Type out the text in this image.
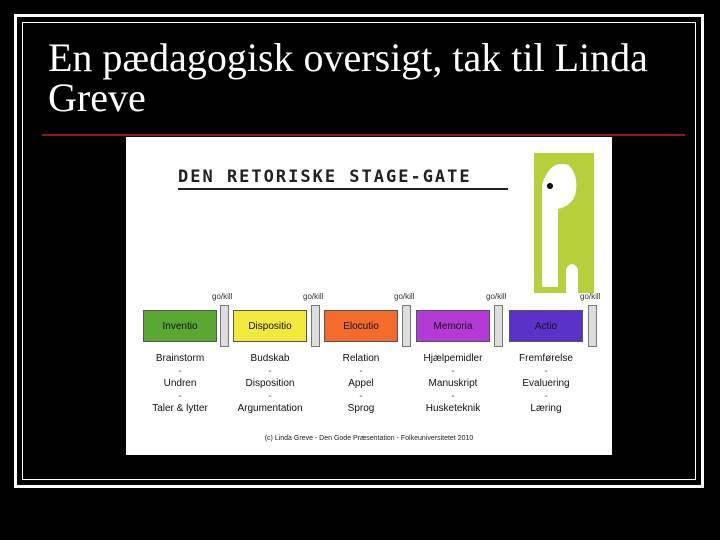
En pædagogisk oversigt, tak til Linda Greve
DEN RETORISKE STAGE-GATE
Inventio
go/kill
Brainstorm
-
Undren
-
Taler & lytter
Dispositio
go/kill
Budskab
-
Disposition
-
Argumentation
Elocutio
go/kill
Relation
-
Appel
-
Sprog
Memoria
go/kill
Hjælpemidler
-
Manuskript
-
Husketeknik
Actio
go/kill
Fremførelse
-
Evaluering
-
Læring
(c) Linda Greve - Den Gode Præsentation - Folkeuniversitetet 2010
